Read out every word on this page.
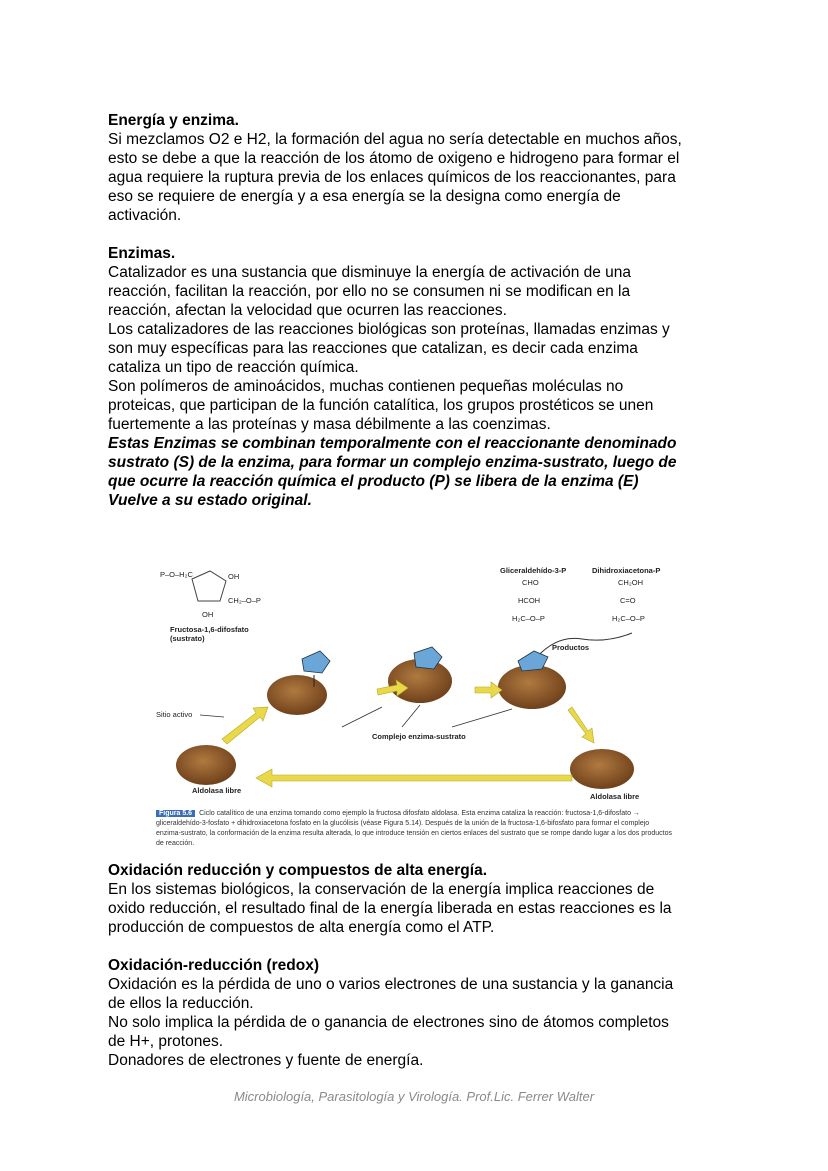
Energía y enzima.

Si mezclamos O2 e H2, la formación del agua no sería detectable en muchos años,

esto se debe a que la reacción de los átomo de oxigeno e hidrogeno para formar el

agua requiere la ruptura previa de los enlaces químicos de los reaccionantes, para

eso se requiere de energía y a esa energía se la designa como energía de

activación.

Enzimas.

Catalizador es una sustancia que disminuye la energía de activación de una

reacción, facilitan la reacción, por ello no se consumen ni se modifican en la

reacción, afectan la velocidad que ocurren las reacciones.

Los catalizadores de las reacciones biológicas son proteínas, llamadas enzimas y

son muy específicas para las reacciones que catalizan, es decir cada enzima

cataliza un tipo de reacción química.

Son polímeros de aminoácidos, muchas contienen pequeñas moléculas no

proteicas, que participan de la función catalítica, los grupos prostéticos se unen

fuertemente a las proteínas y masa débilmente a las coenzimas.

Estas Enzimas se combinan temporalmente con el reaccionante denominado

sustrato (S) de la enzima, para formar un complejo enzima-sustrato, luego de

que ocurre la reacción química el producto (P) se libera de la enzima (E)

Vuelve a su estado original.

P–O–H₂C	OH
CH₂–O–P
OH
Fructosa-1,6-difosfato
(sustrato)
Gliceraldehído-3-P	Dihidroxiacetona-P
CHO
HCOH
H₂C–O–P
CH₂OH
C=O
H₂C–O–P
Productos
Sitio activo
Complejo enzima-sustrato
Aldolasa libre
Aldolasa libre
Figura 5.6 Ciclo catalítico de una enzima tomando como ejemplo la fructosa difosfato aldolasa. Esta enzima cataliza la reacción: fructosa-1,6-difosfato → gliceraldehído-3-fosfato + dihidroxiacetona fosfato en la glucólisis (véase Figura 5.14). Después de la unión de la fructosa-1,6-bifosfato para formar el complejo enzima-sustrato, la conformación de la enzima resulta alterada, lo que introduce tensión en ciertos enlaces del sustrato que se rompe dando lugar a los dos productos de reacción.

Oxidación reducción y compuestos de alta energía.

En los sistemas biológicos, la conservación de la energía implica reacciones de

oxido reducción, el resultado final de la energía liberada en estas reacciones es la

producción de compuestos de alta energía como el ATP.

Oxidación-reducción (redox)

Oxidación es la pérdida de uno o varios electrones de una sustancia y la ganancia

de ellos la reducción.

No solo implica la pérdida de o ganancia de electrones sino de átomos completos

de H+, protones.

Donadores de electrones y fuente de energía.

Microbiología, Parasitología y Virología. Prof.Lic. Ferrer Walter
